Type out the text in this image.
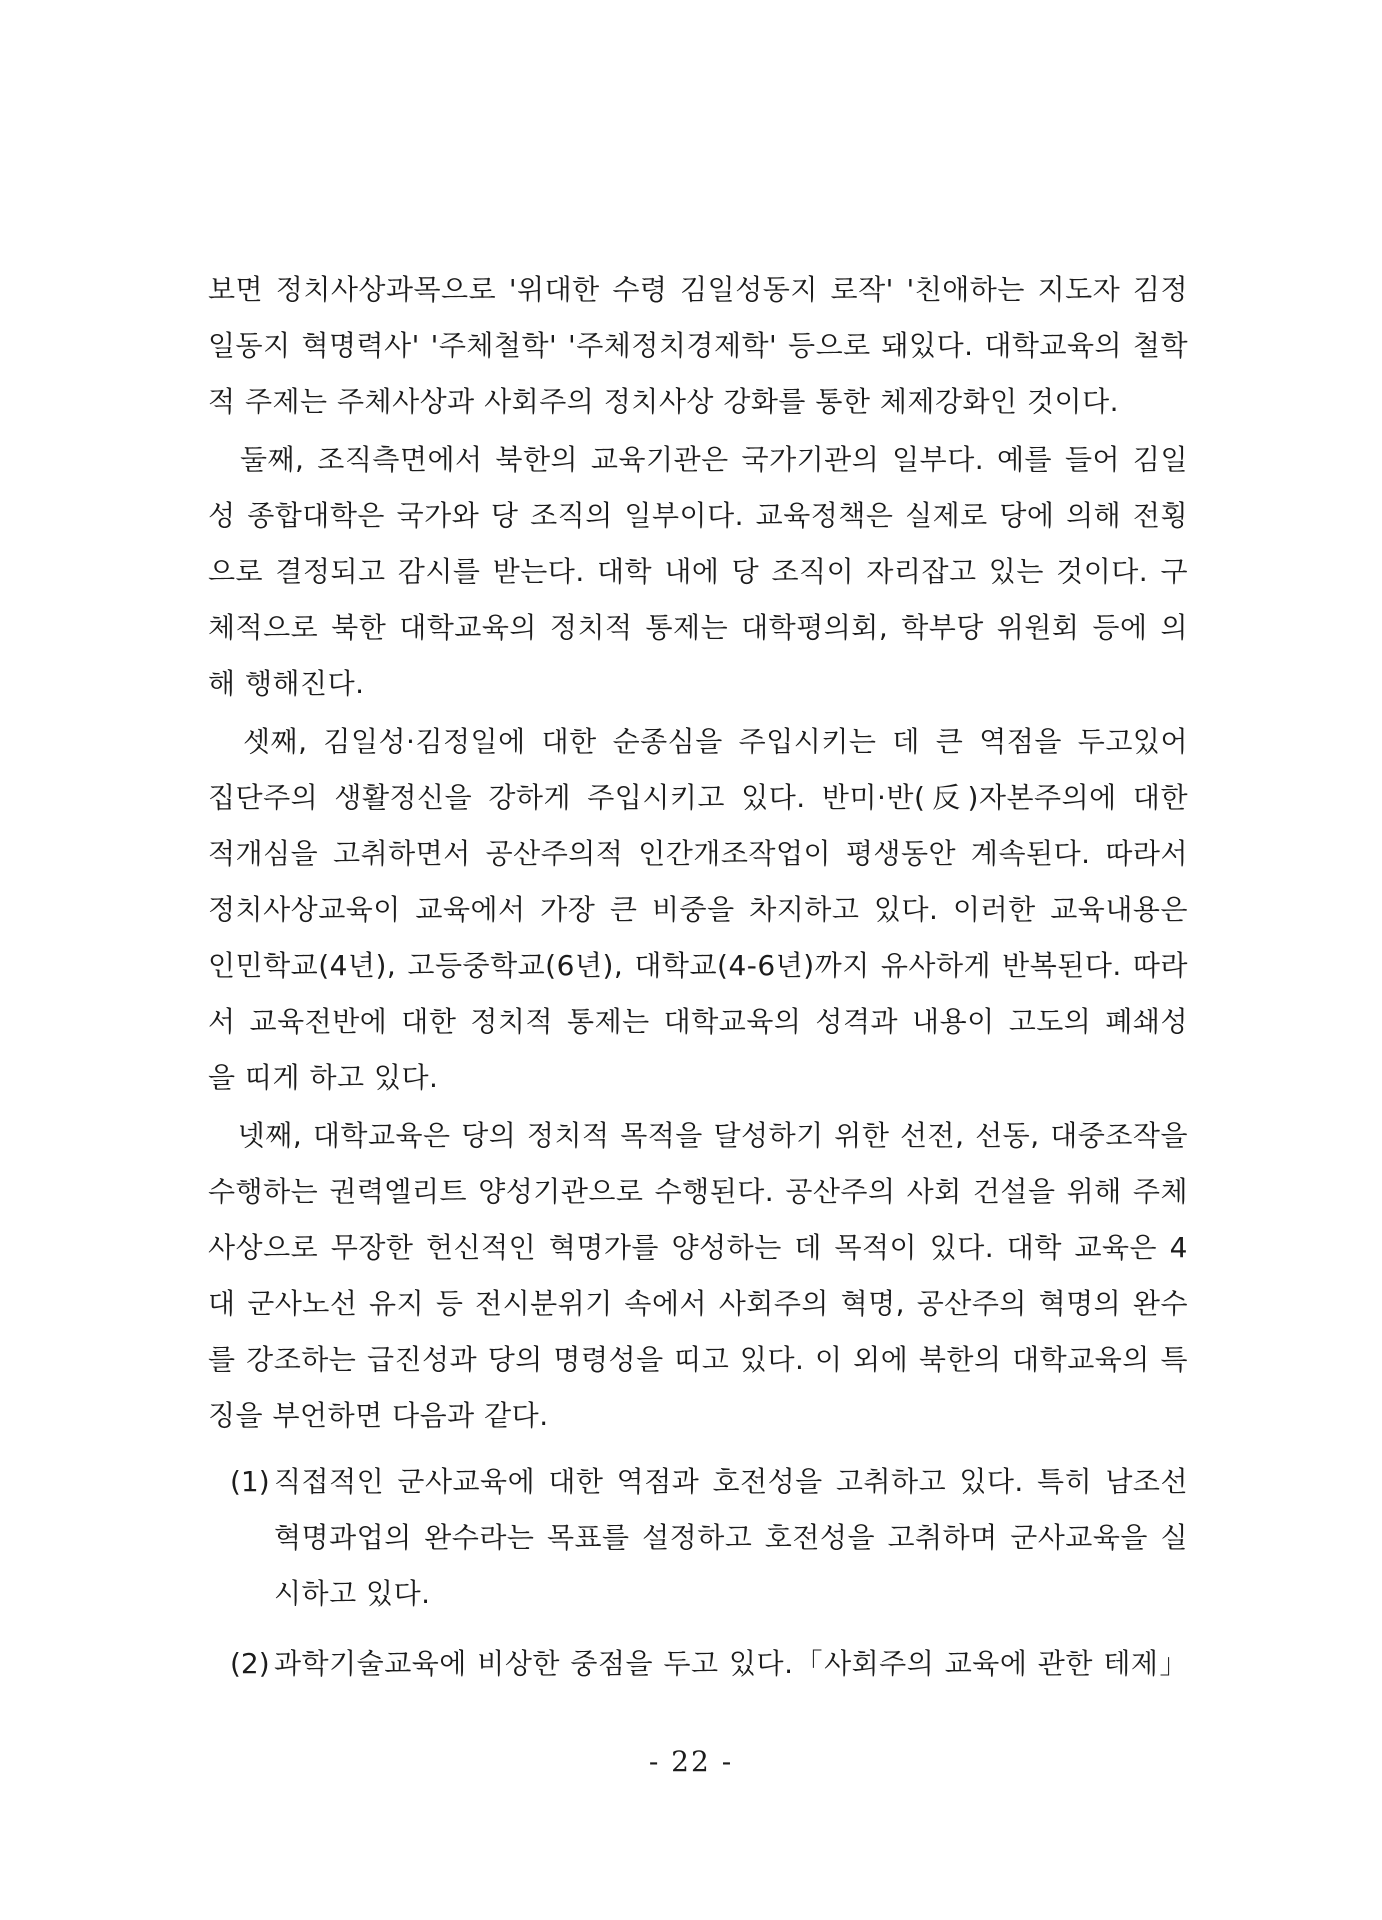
보면 정치사상과목으로 '위대한 수령 김일성동지 로작' '친애하는 지도자 김정
일동지 혁명력사' '주체철학' '주체정치경제학' 등으로 돼있다. 대학교육의 철학
적 주제는 주체사상과 사회주의 정치사상 강화를 통한 체제강화인 것이다.
　둘째, 조직측면에서 북한의 교육기관은 국가기관의 일부다. 예를 들어 김일
성 종합대학은 국가와 당 조직의 일부이다. 교육정책은 실제로 당에 의해 전횡
으로 결정되고 감시를 받는다. 대학 내에 당 조직이 자리잡고 있는 것이다. 구
체적으로 북한 대학교육의 정치적 통제는 대학평의회, 학부당 위원회 등에 의
해 행해진다.
　셋째, 김일성·김정일에 대한 순종심을 주입시키는 데 큰 역점을 두고있어
집단주의 생활정신을 강하게 주입시키고 있다. 반미·반(反)자본주의에 대한
적개심을 고취하면서 공산주의적 인간개조작업이 평생동안 계속된다. 따라서
정치사상교육이 교육에서 가장 큰 비중을 차지하고 있다. 이러한 교육내용은
인민학교(4년), 고등중학교(6년), 대학교(4-6년)까지 유사하게 반복된다. 따라
서 교육전반에 대한 정치적 통제는 대학교육의 성격과 내용이 고도의 폐쇄성
을 띠게 하고 있다.
　넷째, 대학교육은 당의 정치적 목적을 달성하기 위한 선전, 선동, 대중조작을
수행하는 권력엘리트 양성기관으로 수행된다. 공산주의 사회 건설을 위해 주체
사상으로 무장한 헌신적인 혁명가를 양성하는 데 목적이 있다. 대학 교육은 4
대 군사노선 유지 등 전시분위기 속에서 사회주의 혁명, 공산주의 혁명의 완수
를 강조하는 급진성과 당의 명령성을 띠고 있다. 이 외에 북한의 대학교육의 특
징을 부언하면 다음과 같다.
(1) 직접적인 군사교육에 대한 역점과 호전성을 고취하고 있다. 특히 남조선
혁명과업의 완수라는 목표를 설정하고 호전성을 고취하며 군사교육을 실
시하고 있다.
(2) 과학기술교육에 비상한 중점을 두고 있다.「사회주의 교육에 관한 테제」
- 22 -
